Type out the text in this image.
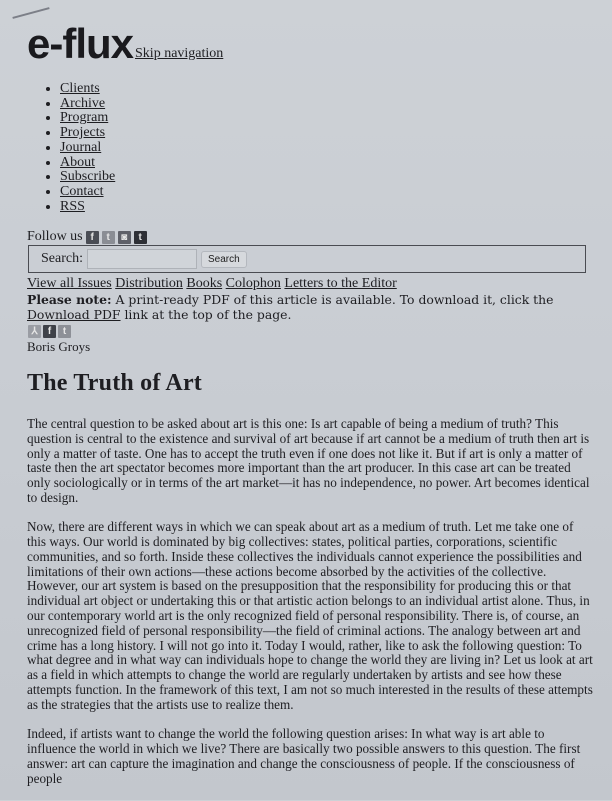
e-flux Skip navigation
• Clients
• Archive
• Program
• Projects
• Journal
• About
• Subscribe
• Contact
• RSS
Follow us f	t	◙	t
Search:	Search
View all Issues Distribution Books Colophon Letters to the Editor
Please note: A print-ready PDF of this article is available. To download it, click the Download PDF link at the top of the page.
⅄	f	t
Boris Groys
The Truth of Art

The central question to be asked about art is this one: Is art capable of being a medium of truth? This question is central to the existence and survival of art because if art cannot be a medium of truth then art is only a matter of taste. One has to accept the truth even if one does not like it. But if art is only a matter of taste then the art spectator becomes more important than the art producer. In this case art can be treated only sociologically or in terms of the art market—it has no independence, no power. Art becomes identical to design.

Now, there are different ways in which we can speak about art as a medium of truth. Let me take one of this ways. Our world is dominated by big collectives: states, political parties, corporations, scientific communities, and so forth. Inside these collectives the individuals cannot experience the possibilities and limitations of their own actions—these actions become absorbed by the activities of the collective. However, our art system is based on the presupposition that the responsibility for producing this or that individual art object or undertaking this or that artistic action belongs to an individual artist alone. Thus, in our contemporary world art is the only recognized field of personal responsibility. There is, of course, an unrecognized field of personal responsibility—the field of criminal actions. The analogy between art and crime has a long history. I will not go into it. Today I would, rather, like to ask the following question: To what degree and in what way can individuals hope to change the world they are living in? Let us look at art as a field in which attempts to change the world are regularly undertaken by artists and see how these attempts function. In the framework of this text, I am not so much interested in the results of these attempts as the strategies that the artists use to realize them.

Indeed, if artists want to change the world the following question arises: In what way is art able to influence the world in which we live? There are basically two possible answers to this question. The first answer: art can capture the imagination and change the consciousness of people. If the consciousness of people
